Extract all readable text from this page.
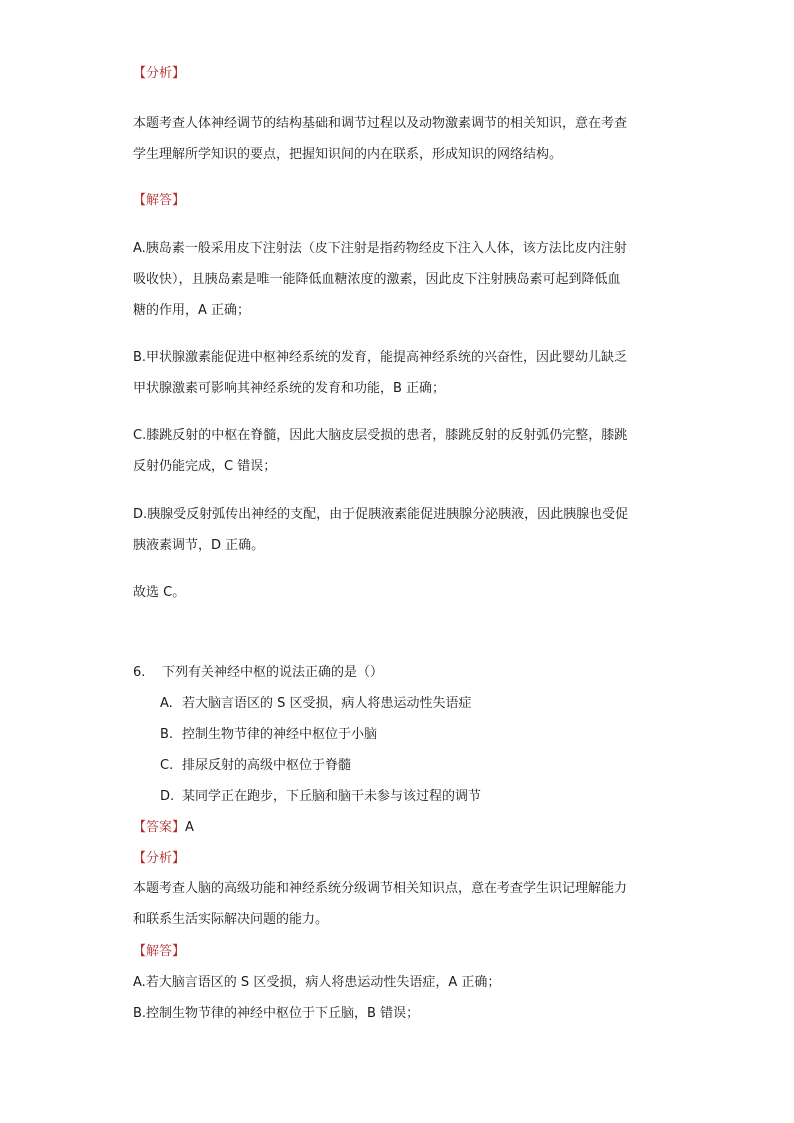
【分析】
本题考查人体神经调节的结构基础和调节过程以及动物激素调节的相关知识，意在考查
学生理解所学知识的要点，把握知识间的内在联系，形成知识的网络结构。
【解答】
A.胰岛素一般采用皮下注射法（皮下注射是指药物经皮下注入人体，该方法比皮内注射
吸收快），且胰岛素是唯一能降低血糖浓度的激素，因此皮下注射胰岛素可起到降低血
糖的作用，A 正确；
B.甲状腺激素能促进中枢神经系统的发育，能提高神经系统的兴奋性，因此婴幼儿缺乏
甲状腺激素可影响其神经系统的发育和功能，B 正确；
C.膝跳反射的中枢在脊髓，因此大脑皮层受损的患者，膝跳反射的反射弧仍完整，膝跳
反射仍能完成，C 错误；
D.胰腺受反射弧传出神经的支配，由于促胰液素能促进胰腺分泌胰液，因此胰腺也受促
胰液素调节，D 正确。
故选 C。
6. 下列有关神经中枢的说法正确的是（）
A. 若大脑言语区的 S 区受损，病人将患运动性失语症
B. 控制生物节律的神经中枢位于小脑
C. 排尿反射的高级中枢位于脊髓
D. 某同学正在跑步，下丘脑和脑干未参与该过程的调节
【答案】A
【分析】
本题考查人脑的高级功能和神经系统分级调节相关知识点，意在考查学生识记理解能力
和联系生活实际解决问题的能力。
【解答】
A.若大脑言语区的 S 区受损，病人将患运动性失语症，A 正确；
B.控制生物节律的神经中枢位于下丘脑，B 错误；
